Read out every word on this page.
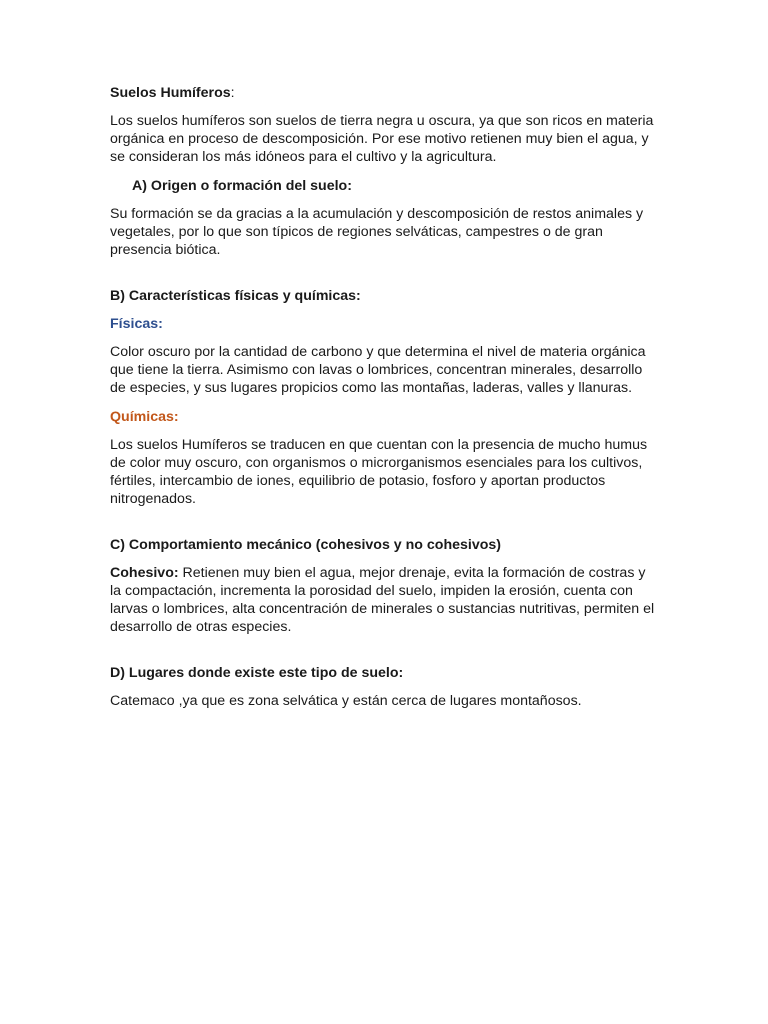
Suelos Humíferos:

Los suelos humíferos son suelos de tierra negra u oscura, ya que son ricos en materia orgánica en proceso de descomposición. Por ese motivo retienen muy bien el agua, y se consideran los más idóneos para el cultivo y la agricultura.

A) Origen o formación del suelo:

Su formación se da gracias a la acumulación y descomposición de restos animales y vegetales, por lo que son típicos de regiones selváticas, campestres o de gran presencia biótica.

B) Características físicas y químicas:

Físicas:

Color oscuro por la cantidad de carbono y que determina el nivel de materia orgánica que tiene la tierra. Asimismo con lavas o lombrices, concentran minerales, desarrollo de especies, y sus lugares propicios como las montañas, laderas, valles y llanuras.

Químicas:

Los suelos Humíferos se traducen en que cuentan con la presencia de mucho humus de color muy oscuro, con organismos o microrganismos esenciales para los cultivos, fértiles, intercambio de iones, equilibrio de potasio, fosforo y aportan productos nitrogenados.

C) Comportamiento mecánico (cohesivos y no cohesivos)

Cohesivo: Retienen muy bien el agua, mejor drenaje, evita la formación de costras y la compactación, incrementa la porosidad del suelo, impiden la erosión, cuenta con larvas o lombrices, alta concentración de minerales o sustancias nutritivas, permiten el desarrollo de otras especies.

D) Lugares donde existe este tipo de suelo:

Catemaco ,ya que es zona selvática y están cerca de lugares montañosos.
